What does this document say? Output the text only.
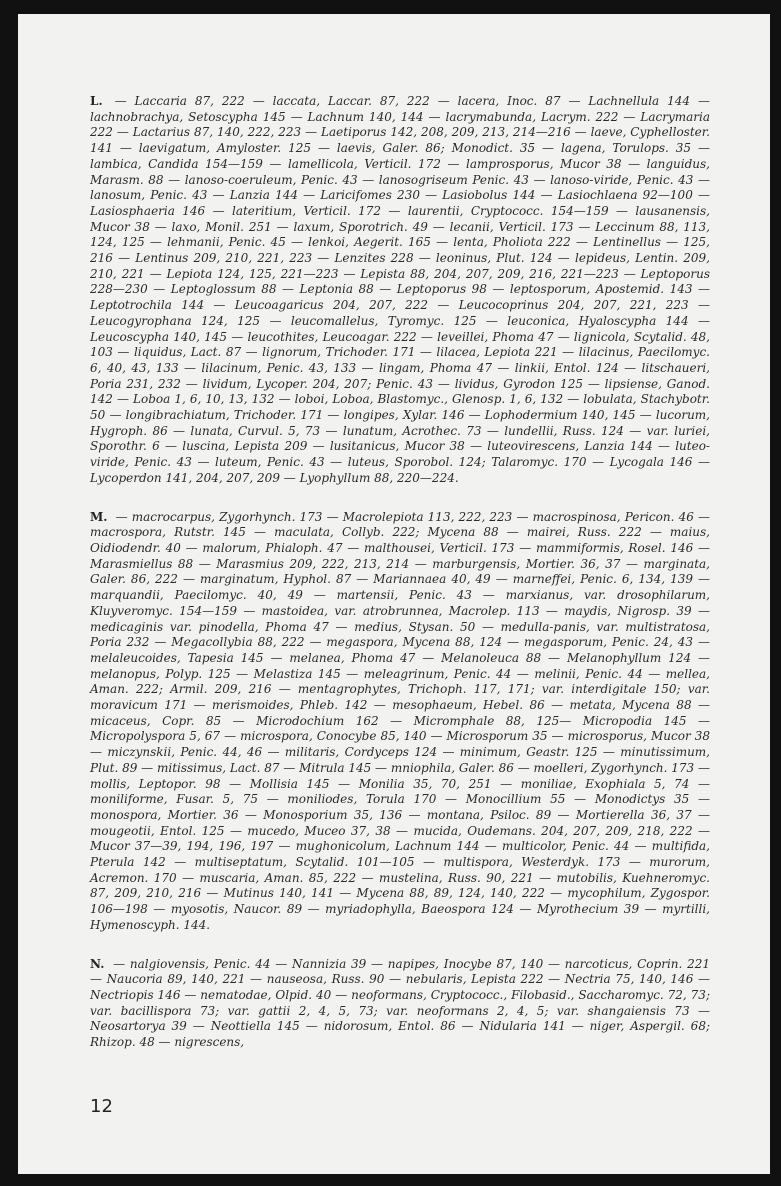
L. — Laccaria 87, 222 — laccata, Laccar. 87, 222 — lacera, Inoc. 87 — Lachnellula 144 — lachnobrachya, Setoscypha 145 — Lachnum 140, 144 — lacrymabunda, Lacrym. 222 — Lacrymaria 222 — Lactarius 87, 140, 222, 223 — Laetiporus 142, 208, 209, 213, 214—216 — laeve, Cyphelloster. 141 — laevigatum, Amyloster. 125 — laevis, Galer. 86; Monodict. 35 — lagena, Torulops. 35 — lambica, Candida 154—159 — lamellicola, Verticil. 172 — lamprosporus, Mucor 38 — languidus, Marasm. 88 — lanoso-coeruleum, Penic. 43 — lanosogriseum Penic. 43 — lanoso-viride, Penic. 43 — lanosum, Penic. 43 — Lanzia 144 — Laricifomes 230 — Lasiobolus 144 — Lasiochlaena 92—100 — Lasiosphaeria 146 — lateritium, Verticil. 172 — laurentii, Cryptococc. 154—159 — lausanensis, Mucor 38 — laxo, Monil. 251 — laxum, Sporotrich. 49 — lecanii, Verticil. 173 — Leccinum 88, 113, 124, 125 — lehmanii, Penic. 45 — lenkoi, Aegerit. 165 — lenta, Pholiota 222 — Lentinellus — 125, 216 — Lentinus 209, 210, 221, 223 — Lenzites 228 — leoninus, Plut. 124 — lepideus, Lentin. 209, 210, 221 — Lepiota 124, 125, 221—223 — Lepista 88, 204, 207, 209, 216, 221—223 — Leptoporus 228—230 — Leptoglossum 88 — Leptonia 88 — Leptoporus 98 — leptosporum, Apostemid. 143 — Leptotrochila 144 — Leucoagaricus 204, 207, 222 — Leucocoprinus 204, 207, 221, 223 — Leucogyrophana 124, 125 — leucomallelus, Tyromyc. 125 — leuconica, Hyaloscypha 144 — Leucoscypha 140, 145 — leucothites, Leucoagar. 222 — leveillei, Phoma 47 — lignicola, Scytalid. 48, 103 — liquidus, Lact. 87 — lignorum, Trichoder. 171 — lilacea, Lepiota 221 — lilacinus, Paecilomyc. 6, 40, 43, 133 — lilacinum, Penic. 43, 133 — lingam, Phoma 47 — linkii, Entol. 124 — litschaueri, Poria 231, 232 — lividum, Lycoper. 204, 207; Penic. 43 — lividus, Gyrodon 125 — lipsiense, Ganod. 142 — Loboa 1, 6, 10, 13, 132 — loboi, Loboa, Blastomyc., Glenosp. 1, 6, 132 — lobulata, Stachybotr. 50 — longibrachiatum, Trichoder. 171 — longipes, Xylar. 146 — Lophodermium 140, 145 — lucorum, Hygroph. 86 — lunata, Curvul. 5, 73 — lunatum, Acrothec. 73 — lundellii, Russ. 124 — var. luriei, Sporothr. 6 — luscina, Lepista 209 — lusitanicus, Mucor 38 — luteovirescens, Lanzia 144 — luteo-viride, Penic. 43 — luteum, Penic. 43 — luteus, Sporobol. 124; Talaromyc. 170 — Lycogala 146 — Lycoperdon 141, 204, 207, 209 — Lyophyllum 88, 220—224.

M. — macrocarpus, Zygorhynch. 173 — Macrolepiota 113, 222, 223 — macrospinosa, Pericon. 46 — macrospora, Rutstr. 145 — maculata, Collyb. 222; Mycena 88 — mairei, Russ. 222 — maius, Oidiodendr. 40 — malorum, Phialoph. 47 — malthousei, Verticil. 173 — mammiformis, Rosel. 146 — Marasmiellus 88 — Marasmius 209, 222, 213, 214 — marburgensis, Mortier. 36, 37 — marginata, Galer. 86, 222 — marginatum, Hyphol. 87 — Mariannaea 40, 49 — marneffei, Penic. 6, 134, 139 — marquandii, Paecilomyc. 40, 49 — martensii, Penic. 43 — marxianus, var. drosophilarum, Kluyveromyc. 154—159 — mastoidea, var. atrobrunnea, Macrolep. 113 — maydis, Nigrosp. 39 — medicaginis var. pinodella, Phoma 47 — medius, Stysan. 50 — medulla-panis, var. multistratosa, Poria 232 — Megacollybia 88, 222 — megaspora, Mycena 88, 124 — megasporum, Penic. 24, 43 — melaleucoides, Tapesia 145 — melanea, Phoma 47 — Melanoleuca 88 — Melanophyllum 124 — melanopus, Polyp. 125 — Melastiza 145 — meleagrinum, Penic. 44 — melinii, Penic. 44 — mellea, Aman. 222; Armil. 209, 216 — mentagrophytes, Trichoph. 117, 171; var. interdigitale 150; var. moravicum 171 — merismoides, Phleb. 142 — mesophaeum, Hebel. 86 — metata, Mycena 88 — micaceus, Copr. 85 — Microdochium 162 — Micromphale 88, 125— Micropodia 145 — Micropolyspora 5, 67 — microspora, Conocybe 85, 140 — Microsporum 35 — microsporus, Mucor 38 — miczynskii, Penic. 44, 46 — militaris, Cordyceps 124 — minimum, Geastr. 125 — minutissimum, Plut. 89 — mitissimus, Lact. 87 — Mitrula 145 — mniophila, Galer. 86 — moelleri, Zygorhynch. 173 — mollis, Leptopor. 98 — Mollisia 145 — Monilia 35, 70, 251 — moniliae, Exophiala 5, 74 — moniliforme, Fusar. 5, 75 — moniliodes, Torula 170 — Monocillium 55 — Monodictys 35 — monospora, Mortier. 36 — Monosporium 35, 136 — montana, Psiloc. 89 — Mortierella 36, 37 — mougeotii, Entol. 125 — mucedo, Muceo 37, 38 — mucida, Oudemans. 204, 207, 209, 218, 222 — Mucor 37—39, 194, 196, 197 — mughonicolum, Lachnum 144 — multicolor, Penic. 44 — multifida, Pterula 142 — multiseptatum, Scytalid. 101—105 — multispora, Westerdyk. 173 — murorum, Acremon. 170 — muscaria, Aman. 85, 222 — mustelina, Russ. 90, 221 — mutobilis, Kuehneromyc. 87, 209, 210, 216 — Mutinus 140, 141 — Mycena 88, 89, 124, 140, 222 — mycophilum, Zygospor. 106—198 — myosotis, Naucor. 89 — myriadophylla, Baeospora 124 — Myrothecium 39 — myrtilli, Hymenoscyph. 144.

N. — nalgiovensis, Penic. 44 — Nannizia 39 — napipes, Inocybe 87, 140 — narcoticus, Coprin. 221 — Naucoria 89, 140, 221 — nauseosa, Russ. 90 — nebularis, Lepista 222 — Nectria 75, 140, 146 — Nectriopis 146 — nematodae, Olpid. 40 — neoformans, Cryptococc., Filobasid., Saccharomyc. 72, 73; var. bacillispora 73; var. gattii 2, 4, 5, 73; var. neoformans 2, 4, 5; var. shangaiensis 73 — Neosartorya 39 — Neottiella 145 — nidorosum, Entol. 86 — Nidularia 141 — niger, Aspergil. 68; Rhizop. 48 — nigrescens,

12
